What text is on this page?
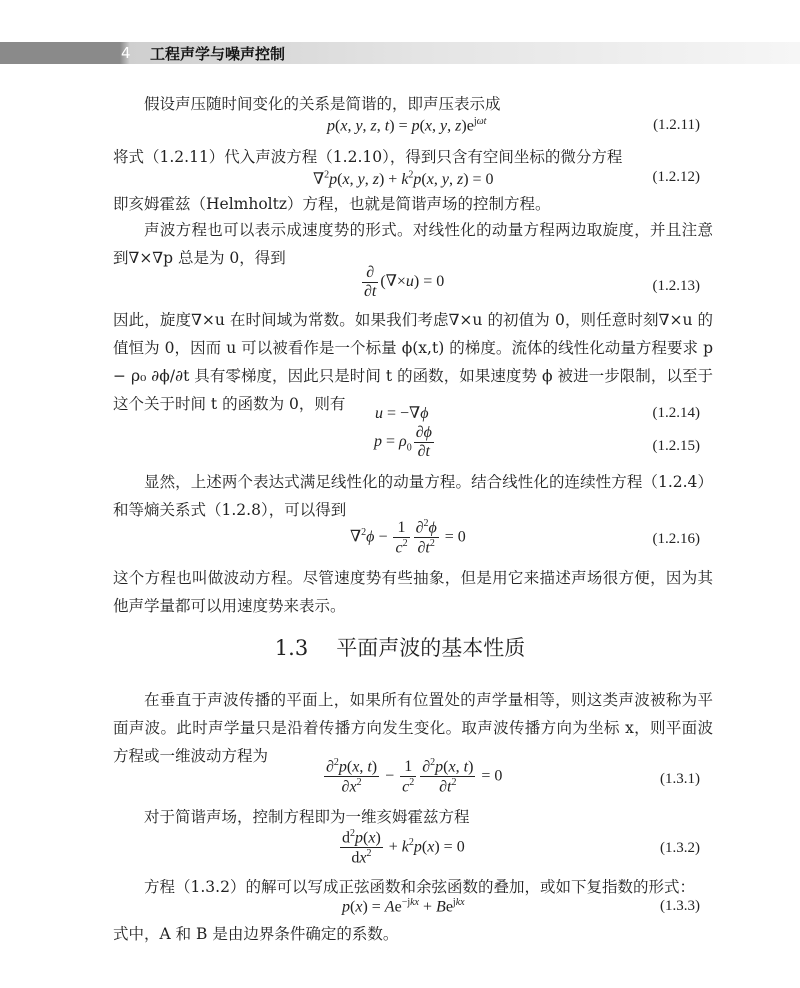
4 工程声学与噪声控制

假设声压随时间变化的关系是简谐的，即声压表示成

p(x, y, z, t) = p(x, y, $z)e^{j\omega t}$	(1.2.11)

将式（1.2.11）代入声波方程（1.2.10），得到只含有空间坐标的微分方程

∇$^2$p(x, y, $z) + k^2p(x$, y, z) = 0	(1.2.12)

即亥姆霍兹（Helmholtz）方程，也就是简谐声场的控制方程。

声波方程也可以表示成速度势的形式。对线性化的动量方程两边取旋度，并且注意到∇×∇p 总是为 0，得到

$\frac{\partial}{\partial t} (\nabla\times u) = 0$	(1.2.13)

因此，旋度∇×u 在时间域为常数。如果我们考虑∇×u 的初值为 0，则任意时刻∇×u 的值恒为 0，因而 u 可以被看作是一个标量 ϕ(x,t) 的梯度。流体的线性化动量方程要求 p − ρ₀ ∂ϕ/∂t 具有零梯度，因此只是时间 t 的函数，如果速度势 ϕ 被进一步限制，以至于这个关于时间 t 的函数为 0，则有

u = −∇ϕ	(1.2.14)
$p = \rho_0 \frac{\partial\phi}{\partial t}$	(1.2.15)

显然，上述两个表达式满足线性化的动量方程。结合线性化的连续性方程（1.2.4）和等熵关系式（1.2.8），可以得到

$\nabla^2\phi - \frac{1}{c^2} \frac{\partial^2\phi}{\partial t^2} = 0$	(1.2.16)

这个方程也叫做波动方程。尽管速度势有些抽象，但是用它来描述声场很方便，因为其他声学量都可以用速度势来表示。

1.3 平面声波的基本性质

在垂直于声波传播的平面上，如果所有位置处的声学量相等，则这类声波被称为平面声波。此时声学量只是沿着传播方向发生变化。取声波传播方向为坐标 x，则平面波方程或一维波动方程为

$\frac{\partial^2p(x, t)}{\partial x^2} - \frac{1}{c^2} \frac{\partial^2p(x, t)}{\partial t^2} = 0$	(1.3.1)

对于简谐声场，控制方程即为一维亥姆霍兹方程

$\frac{d^2p(x)}{dx^2} + k^2p(x) = 0$	(1.3.2)

方程（1.3.2）的解可以写成正弦函数和余弦函数的叠加，或如下复指数的形式：

$p(x) = Ae^{-jkx} + Be^{jkx}$	(1.3.3)

式中，A 和 B 是由边界条件确定的系数。
